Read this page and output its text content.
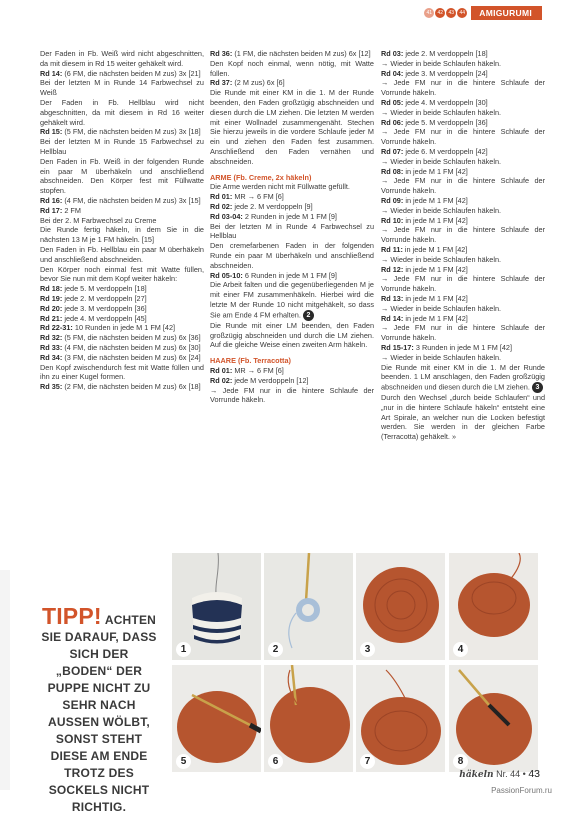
41	42	43	44	AMIGURUMI

Der Faden in Fb. Weiß wird nicht abgeschnitten, da mit diesem in Rd 15 weiter gehäkelt wird.

Rd 14: (6 FM, die nächsten beiden M zus) 3x [21]

Bei der letzten M in Runde 14 Farbwechsel zu Weiß

Der Faden in Fb. Hellblau wird nicht abgeschnitten, da mit diesem in Rd 16 weiter gehäkelt wird.

Rd 15: (5 FM, die nächsten beiden M zus) 3x [18]

Bei der letzten M in Runde 15 Farbwechsel zu Hellblau

Den Faden in Fb. Weiß in der folgenden Runde ein paar M überhäkeln und anschließend abschneiden. Den Körper fest mit Füllwatte stopfen.

Rd 16: (4 FM, die nächsten beiden M zus) 3x [15]

Rd 17: 2 FM

Bei der 2. M Farbwechsel zu Creme

Die Runde fertig häkeln, in dem Sie in die nächsten 13 M je 1 FM häkeln. [15]

Den Faden in Fb. Hellblau ein paar M überhäkeln und anschließend abschneiden.

Den Körper noch einmal fest mit Watte füllen, bevor Sie nun mit dem Kopf weiter häkeln:

Rd 18: jede 5. M verdoppeln [18]

Rd 19: jede 2. M verdoppeln [27]

Rd 20: jede 3. M verdoppeln [36]

Rd 21: jede 4. M verdoppeln [45]

Rd 22-31: 10 Runden in jede M 1 FM [42]

Rd 32: (5 FM, die nächsten beiden M zus) 6x [36]

Rd 33: (4 FM, die nächsten beiden M zus) 6x [30]

Rd 34: (3 FM, die nächsten beiden M zus) 6x [24]

Den Kopf zwischendurch fest mit Watte füllen und ihn zu einer Kugel formen.

Rd 35: (2 FM, die nächsten beiden M zus) 6x [18]

Rd 36: (1 FM, die nächsten beiden M zus) 6x [12]

Den Kopf noch einmal, wenn nötig, mit Watte füllen.

Rd 37: (2 M zus) 6x [6]

Die Runde mit einer KM in die 1. M der Runde beenden, den Faden großzügig abschneiden und diesen durch die LM ziehen. Die letzten M werden mit einer Wollnadel zusammengenäht. Stechen Sie hierzu jeweils in die vordere Schlaufe jeder M ein und ziehen den Faden fest zusammen. Anschließend den Faden vernähen und abschneiden.

ARME (Fb. Creme, 2x häkeln)

Die Arme werden nicht mit Füllwatte gefüllt.

Rd 01: MR → 6 FM [6]

Rd 02: jede 2. M verdoppeln [9]

Rd 03-04: 2 Runden in jede M 1 FM [9]

Bei der letzten M in Runde 4 Farbwechsel zu Hellblau

Den cremefarbenen Faden in der folgenden Runde ein paar M überhäkeln und anschließend abschneiden.

Rd 05-10: 6 Runden in jede M 1 FM [9]

Die Arbeit falten und die gegenüberliegenden M je mit einer FM zusammenhäkeln. Hierbei wird die letzte M der Runde 10 nicht mitgehäkelt, so dass Sie am Ende 4 FM erhalten. 2

Die Runde mit einer LM beenden, den Faden großzügig abschneiden und durch die LM ziehen. Auf die gleiche Weise einen zweiten Arm häkeln.

HAARE (Fb. Terracotta)

Rd 01: MR → 6 FM [6]

Rd 02: jede M verdoppeln [12]

→ Jede FM nur in die hintere Schlaufe der Vorrunde häkeln.

Rd 03: jede 2. M verdoppeln [18]

→ Wieder in beide Schlaufen häkeln.

Rd 04: jede 3. M verdoppeln [24]

→ Jede FM nur in die hintere Schlaufe der Vorrunde häkeln.

Rd 05: jede 4. M verdoppeln [30]

→ Wieder in beide Schlaufen häkeln.

Rd 06: jede 5. M verdoppeln [36]

→ Jede FM nur in die hintere Schlaufe der Vorrunde häkeln.

Rd 07: jede 6. M verdoppeln [42]

→ Wieder in beide Schlaufen häkeln.

Rd 08: in jede M 1 FM [42]

→ Jede FM nur in die hintere Schlaufe der Vorrunde häkeln.

Rd 09: in jede M 1 FM [42]

→ Wieder in beide Schlaufen häkeln.

Rd 10: in jede M 1 FM [42]

→ Jede FM nur in die hintere Schlaufe der Vorrunde häkeln.

Rd 11: in jede M 1 FM [42]

→ Wieder in beide Schlaufen häkeln.

Rd 12: in jede M 1 FM [42]

→ Jede FM nur in die hintere Schlaufe der Vorrunde häkeln.

Rd 13: in jede M 1 FM [42]

→ Wieder in beide Schlaufen häkeln.

Rd 14: in jede M 1 FM [42]

→ Jede FM nur in die hintere Schlaufe der Vorrunde häkeln.

Rd 15-17: 3 Runden in jede M 1 FM [42]

→ Wieder in beide Schlaufen häkeln.

Die Runde mit einer KM in die 1. M der Runde beenden. 1 LM anschlagen, den Faden großzügig abschneiden und diesen durch die LM ziehen. 3

Durch den Wechsel „durch beide Schlaufen“ und „nur in die hintere Schlaufe häkeln“ entsteht eine Art Spirale, an welcher nun die Locken befestigt werden. Sie werden in der gleichen Farbe (Terracotta) gehäkelt. »

TIPP! ACHTEN SIE DARAUF, DASS SICH DER „BODEN“ DER PUPPE NICHT ZU SEHR NACH AUSSEN WÖLBT, SONST STEHT DIESE AM ENDE TROTZ DES SOCKELS NICHT RICHTIG.
1	2	3	4
5	6	7	8
häkeln Nr. 44 • 43
PassionForum.ru
